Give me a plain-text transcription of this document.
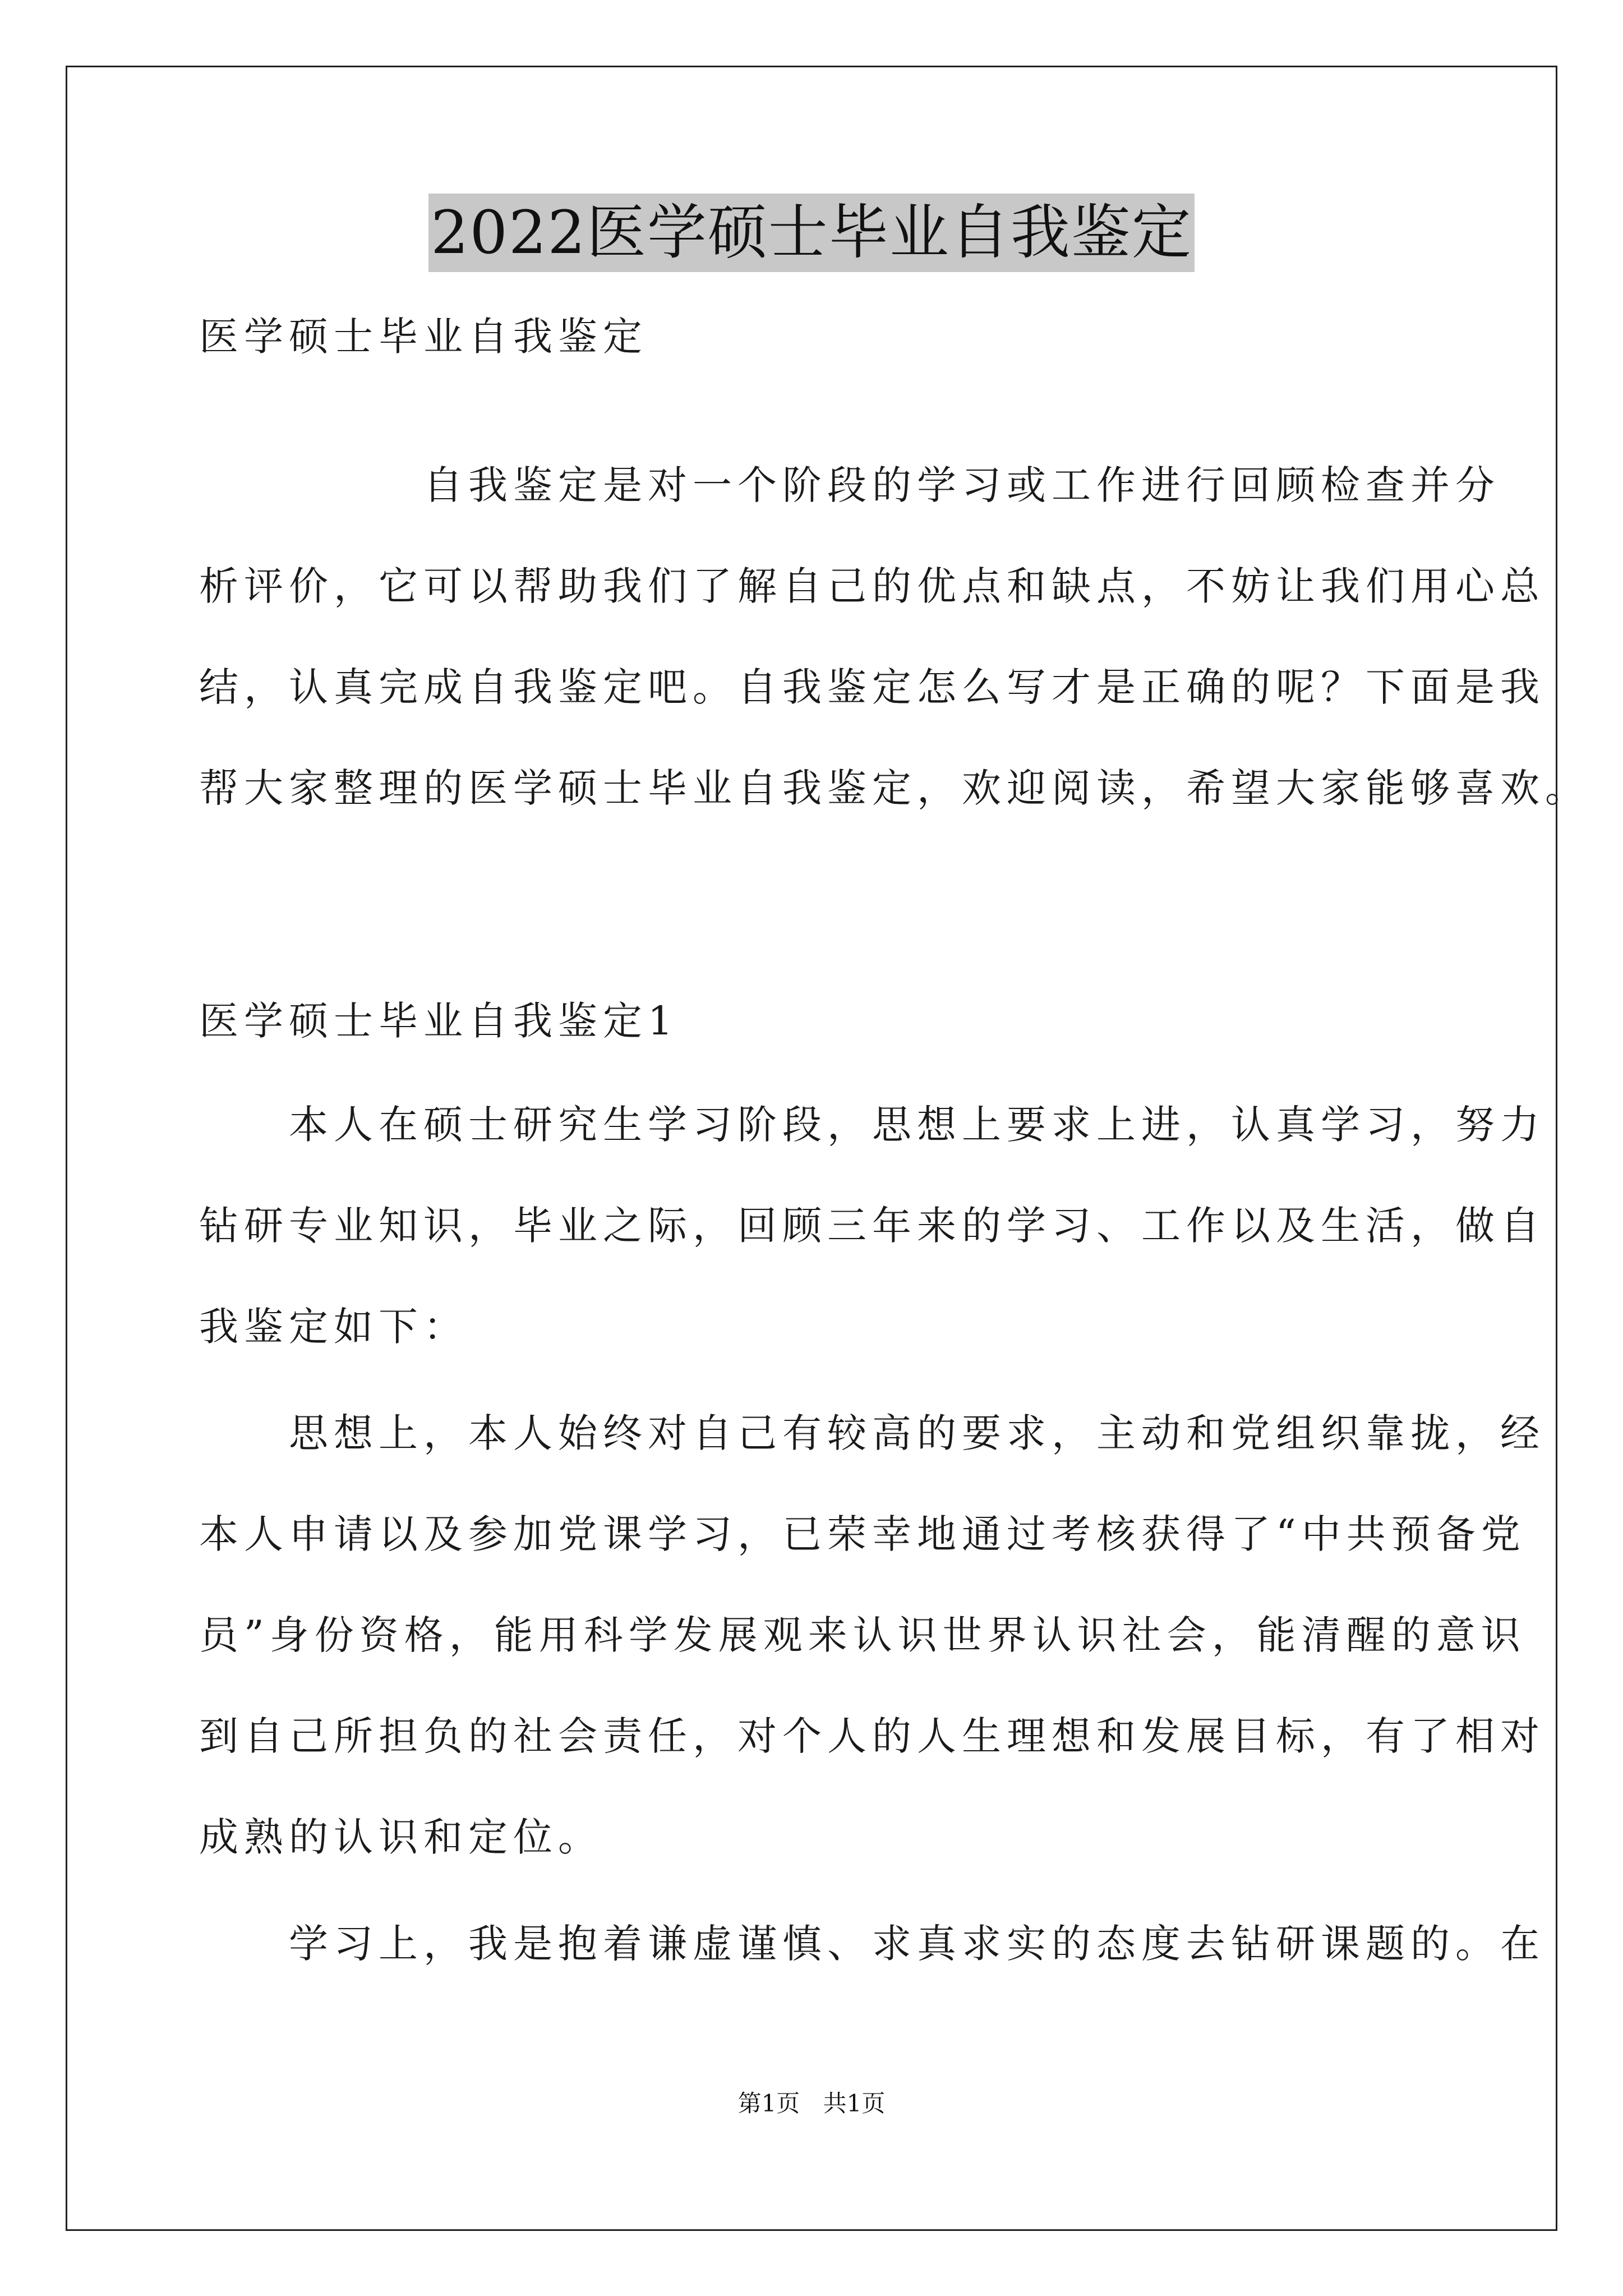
2022医学硕士毕业自我鉴定
医学硕士毕业自我鉴定
　　　　　自我鉴定是对一个阶段的学习或工作进行回顾检查并分
析评价，它可以帮助我们了解自己的优点和缺点，不妨让我们用心总
结，认真完成自我鉴定吧。自我鉴定怎么写才是正确的呢？下面是我
帮大家整理的医学硕士毕业自我鉴定，欢迎阅读，希望大家能够喜欢。
医学硕士毕业自我鉴定1
　　本人在硕士研究生学习阶段，思想上要求上进，认真学习，努力
钻研专业知识，毕业之际，回顾三年来的学习、工作以及生活，做自
我鉴定如下：
　　思想上，本人始终对自己有较高的要求，主动和党组织靠拢，经
本人申请以及参加党课学习，已荣幸地通过考核获得了“中共预备党
员”身份资格，能用科学发展观来认识世界认识社会，能清醒的意识
到自己所担负的社会责任，对个人的人生理想和发展目标，有了相对
成熟的认识和定位。
　　学习上，我是抱着谦虚谨慎、求真求实的态度去钻研课题的。在
第1页 共1页
